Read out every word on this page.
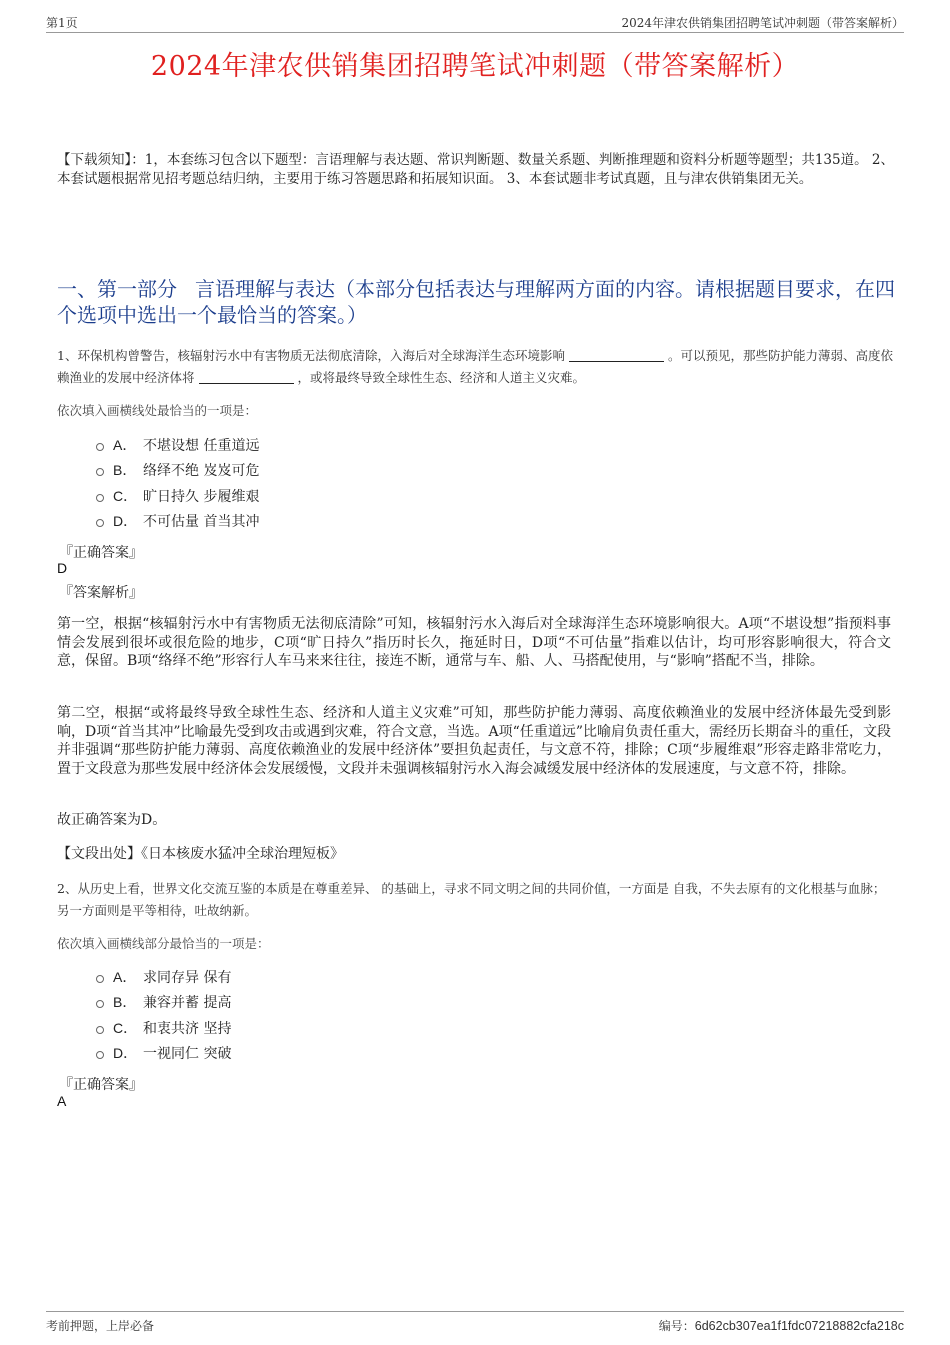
第1页	2024年津农供销集团招聘笔试冲刺题（带答案解析）
2024年津农供销集团招聘笔试冲刺题（带答案解析）
【下载须知】：1，本套练习包含以下题型：言语理解与表达题、常识判断题、数量关系题、判断推理题和资料分析题等题型；共135道。 2、本套试题根据常见招考题总结归纳，主要用于练习答题思路和拓展知识面。 3、本套试题非考试真题，且与津农供销集团无关。
一、第一部分 言语理解与表达（本部分包括表达与理解两方面的内容。请根据题目要求，在四个选项中选出一个最恰当的答案。）
1、环保机构曾警告，核辐射污水中有害物质无法彻底清除，入海后对全球海洋生态环境影响	。可以预见，那些防护能力薄弱、高度依赖渔业的发展中经济体将	，或将最终导致全球性生态、经济和人道主义灾难。
依次填入画横线处最恰当的一项是：
A． 不堪设想 任重道远
B． 络绎不绝 岌岌可危
C． 旷日持久 步履维艰
D． 不可估量 首当其冲
『正确答案』
D
『答案解析』
第一空，根据“核辐射污水中有害物质无法彻底清除”可知，核辐射污水入海后对全球海洋生态环境影响很大。A项“不堪设想”指预料事情会发展到很坏或很危险的地步，C项“旷日持久”指历时长久，拖延时日，D项“不可估量”指难以估计，均可形容影响很大，符合文意，保留。B项“络绎不绝”形容行人车马来来往往，接连不断，通常与车、船、人、马搭配使用，与“影响”搭配不当，排除。
第二空，根据“或将最终导致全球性生态、经济和人道主义灾难”可知，那些防护能力薄弱、高度依赖渔业的发展中经济体最先受到影响，D项“首当其冲”比喻最先受到攻击或遇到灾难，符合文意，当选。A项“任重道远”比喻肩负责任重大，需经历长期奋斗的重任，文段并非强调“那些防护能力薄弱、高度依赖渔业的发展中经济体”要担负起责任，与文意不符，排除；C项“步履维艰”形容走路非常吃力，置于文段意为那些发展中经济体会发展缓慢，文段并未强调核辐射污水入海会减缓发展中经济体的发展速度，与文意不符，排除。
故正确答案为D。
【文段出处】《日本核废水猛冲全球治理短板》
2、从历史上看，世界文化交流互鉴的本质是在尊重差异、 的基础上，寻求不同文明之间的共同价值，一方面是 自我，不失去原有的文化根基与血脉；另一方面则是平等相待，吐故纳新。
依次填入画横线部分最恰当的一项是：
A． 求同存异 保有
B． 兼容并蓄 提高
C． 和衷共济 坚持
D． 一视同仁 突破
『正确答案』
A
考前押题，上岸必备	编号：6d62cb307ea1f1fdc07218882cfa218c
